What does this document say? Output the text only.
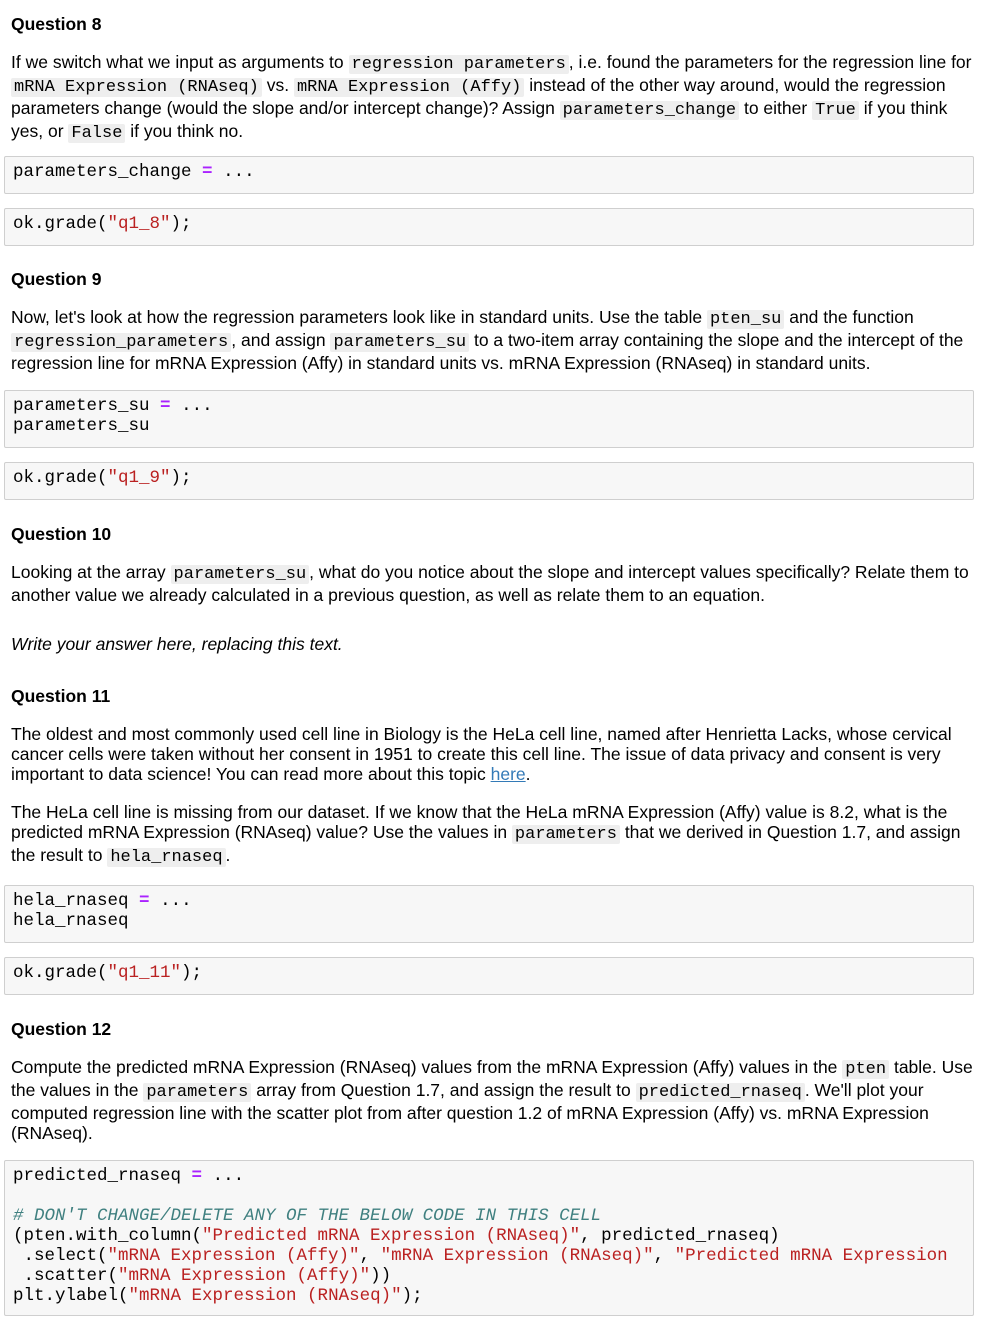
Question 8

If we switch what we input as arguments to regression parameters , i.e. found the parameters for the regression line for mRNA Expression (RNAseq) vs. mRNA Expression (Affy) instead of the other way around, would the regression parameters change (would the slope and/or intercept change)? Assign parameters_change to either True if you think yes, or False if you think no.

parameters_change = ...
ok.grade("q1_8");
Question 9

Now, let's look at how the regression parameters look like in standard units. Use the table pten_su and the function regression_parameters , and assign parameters_su to a two-item array containing the slope and the intercept of the regression line for mRNA Expression (Affy) in standard units vs. mRNA Expression (RNAseq) in standard units.

parameters_su = ...
parameters_su
ok.grade("q1_9");
Question 10

Looking at the array parameters_su , what do you notice about the slope and intercept values specifically? Relate them to another value we already calculated in a previous question, as well as relate them to an equation.

Write your answer here, replacing this text.

Question 11

The oldest and most commonly used cell line in Biology is the HeLa cell line, named after Henrietta Lacks, whose cervical cancer cells were taken without her consent in 1951 to create this cell line. The issue of data privacy and consent is very important to data science! You can read more about this topic here.

The HeLa cell line is missing from our dataset. If we know that the HeLa mRNA Expression (Affy) value is 8.2, what is the predicted mRNA Expression (RNAseq) value? Use the values in parameters that we derived in Question 1.7, and assign the result to hela_rnaseq .

hela_rnaseq = ...
hela_rnaseq
ok.grade("q1_11");
Question 12

Compute the predicted mRNA Expression (RNAseq) values from the mRNA Expression (Affy) values in the pten table. Use the values in the parameters array from Question 1.7, and assign the result to predicted_rnaseq . We'll plot your computed regression line with the scatter plot from after question 1.2 of mRNA Expression (Affy) vs. mRNA Expression (RNAseq).

predicted_rnaseq = ...

# DON'T CHANGE/DELETE ANY OF THE BELOW CODE IN THIS CELL
(pten.with_column("Predicted mRNA Expression (RNAseq)", predicted_rnaseq)
.select("mRNA Expression (Affy)", "mRNA Expression (RNAseq)", "Predicted mRNA Expression
.scatter("mRNA Expression (Affy)"))
plt.ylabel("mRNA Expression (RNAseq)");
